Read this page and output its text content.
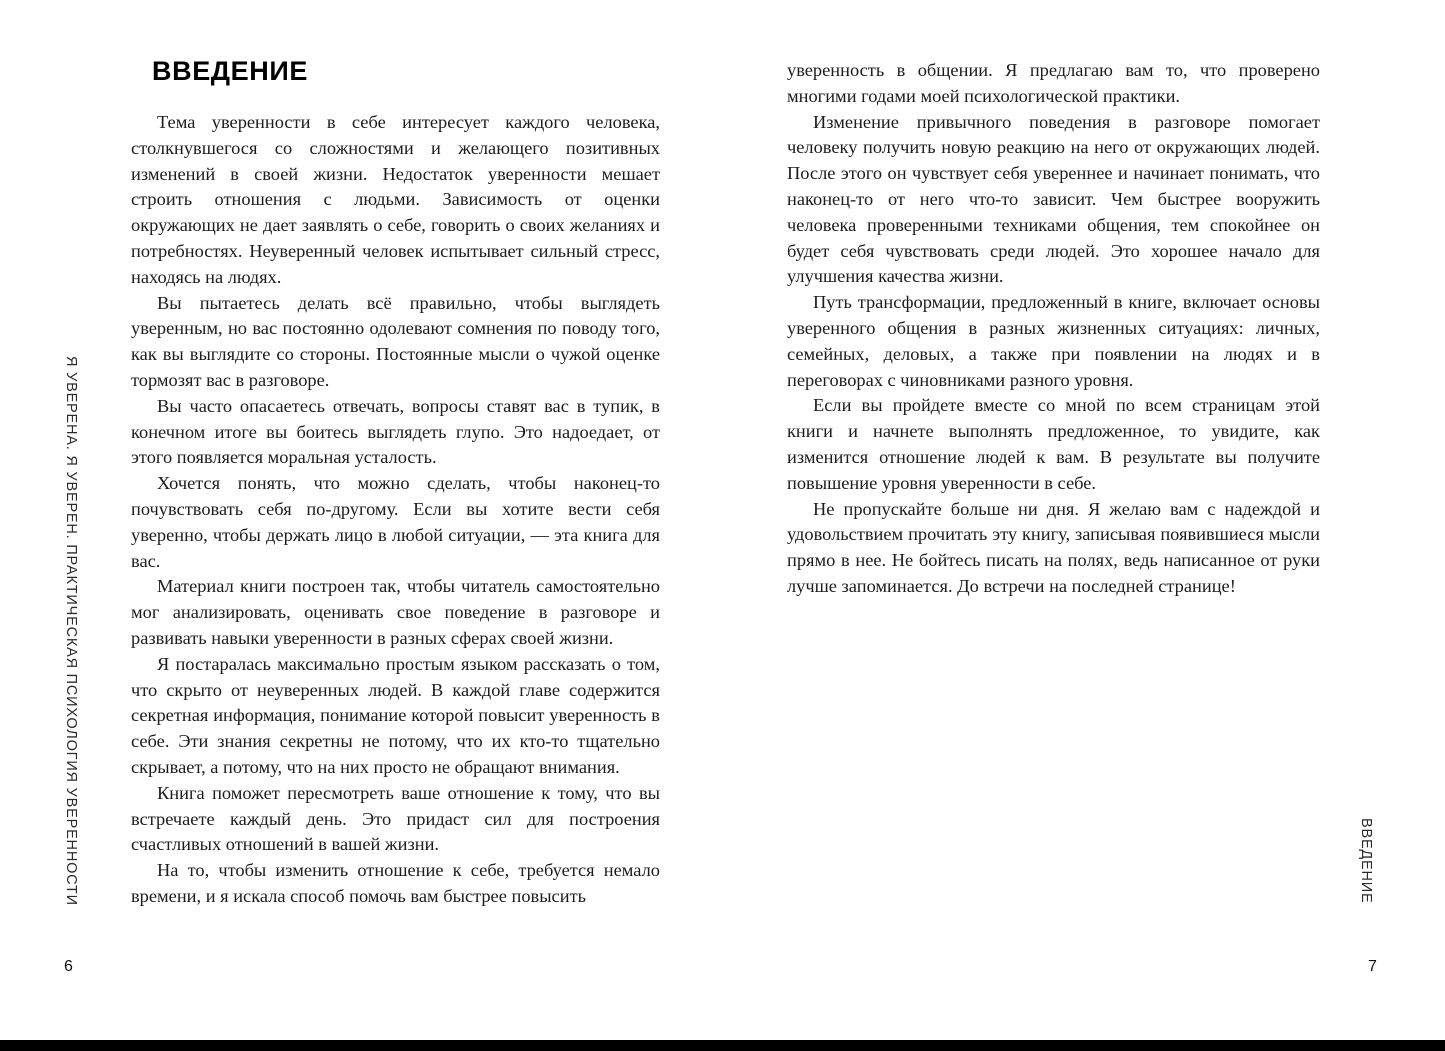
Я УВЕРЕНА. Я УВЕРЕН. ПРАКТИЧЕСКАЯ ПСИХОЛОГИЯ УВЕРЕННОСТИ
ВВЕДЕНИЕ

Тема уверенности в себе интересует каждого человека, столкнувшегося со сложностями и желающего позитивных изменений в своей жизни. Недостаток уверенности мешает строить отношения с людьми. Зависимость от оценки окружающих не дает заявлять о себе, говорить о своих желаниях и потребностях. Неуверенный человек испытывает сильный стресс, находясь на людях.

Вы пытаетесь делать всё правильно, чтобы выглядеть уверенным, но вас постоянно одолевают сомнения по поводу того, как вы выглядите со стороны. Постоянные мысли о чужой оценке тормозят вас в разговоре.

Вы часто опасаетесь отвечать, вопросы ставят вас в тупик, в конечном итоге вы боитесь выглядеть глупо. Это надоедает, от этого появляется моральная усталость.

Хочется понять, что можно сделать, чтобы наконец-то почувствовать себя по-другому. Если вы хотите вести себя уверенно, чтобы держать лицо в любой ситуации, — эта книга для вас.

Материал книги построен так, чтобы читатель самостоятельно мог анализировать, оценивать свое поведение в разговоре и развивать навыки уверенности в разных сферах своей жизни.

Я постаралась максимально простым языком рассказать о том, что скрыто от неуверенных людей. В каждой главе содержится секретная информация, понимание которой повысит уверенность в себе. Эти знания секретны не потому, что их кто-то тщательно скрывает, а потому, что на них просто не обращают внимания.

Книга поможет пересмотреть ваше отношение к тому, что вы встречаете каждый день. Это придаст сил для построения счастливых отношений в вашей жизни.

На то, чтобы изменить отношение к себе, требуется немало времени, и я искала способ помочь вам быстрее повысить

6

уверенность в общении. Я предлагаю вам то, что проверено многими годами моей психологической практики.

Изменение привычного поведения в разговоре помогает человеку получить новую реакцию на него от окружающих людей. После этого он чувствует себя увереннее и начинает понимать, что наконец-то от него что-то зависит. Чем быстрее вооружить человека проверенными техниками общения, тем спокойнее он будет себя чувствовать среди людей. Это хорошее начало для улучшения качества жизни.

Путь трансформации, предложенный в книге, включает основы уверенного общения в разных жизненных ситуациях: личных, семейных, деловых, а также при появлении на людях и в переговорах с чиновниками разного уровня.

Если вы пройдете вместе со мной по всем страницам этой книги и начнете выполнять предложенное, то увидите, как изменится отношение людей к вам. В результате вы получите повышение уровня уверенности в себе.

Не пропускайте больше ни дня. Я желаю вам с надеждой и удовольствием прочитать эту книгу, записывая появившиеся мысли прямо в нее. Не бойтесь писать на полях, ведь написанное от руки лучше запоминается. До встречи на последней странице!

ВВЕДЕНИЕ
7
